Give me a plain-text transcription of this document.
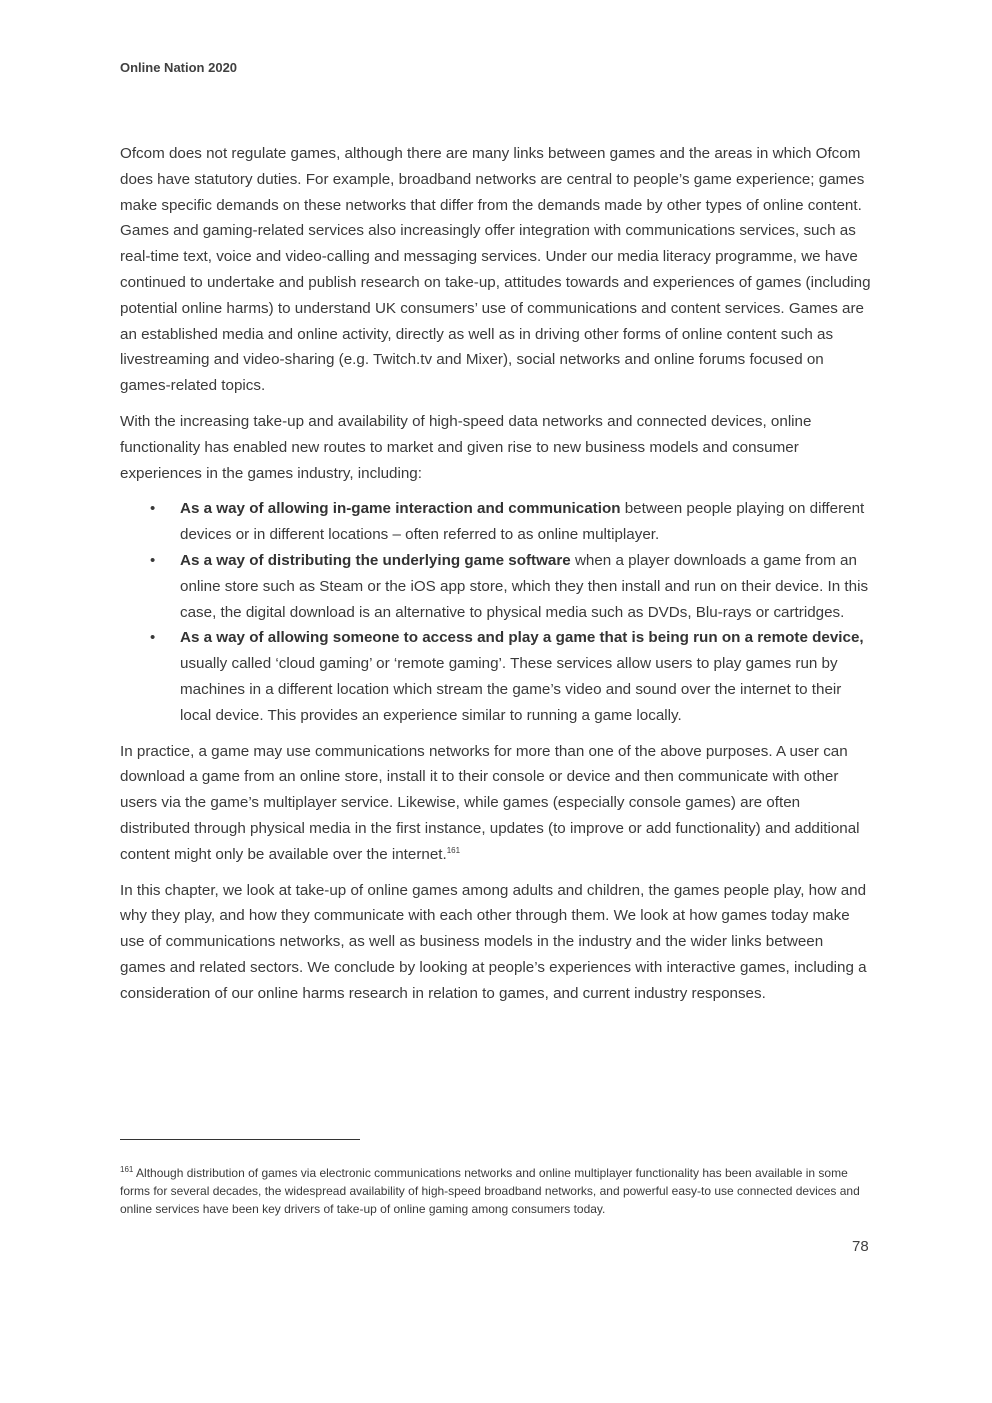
Online Nation 2020

Ofcom does not regulate games, although there are many links between games and the areas in which Ofcom does have statutory duties. For example, broadband networks are central to people’s game experience; games make specific demands on these networks that differ from the demands made by other types of online content. Games and gaming-related services also increasingly offer integration with communications services, such as real-time text, voice and video-calling and messaging services. Under our media literacy programme, we have continued to undertake and publish research on take-up, attitudes towards and experiences of games (including potential online harms) to understand UK consumers’ use of communications and content services. Games are an established media and online activity, directly as well as in driving other forms of online content such as livestreaming and video-sharing (e.g. Twitch.tv and Mixer), social networks and online forums focused on games-related topics.

With the increasing take-up and availability of high-speed data networks and connected devices, online functionality has enabled new routes to market and given rise to new business models and consumer experiences in the games industry, including:

• As a way of allowing in-game interaction and communication between people playing on different devices or in different locations – often referred to as online multiplayer.
• As a way of distributing the underlying game software when a player downloads a game from an online store such as Steam or the iOS app store, which they then install and run on their device. In this case, the digital download is an alternative to physical media such as DVDs, Blu-rays or cartridges.
• As a way of allowing someone to access and play a game that is being run on a remote device, usually called ‘cloud gaming’ or ‘remote gaming’. These services allow users to play games run by machines in a different location which stream the game’s video and sound over the internet to their local device. This provides an experience similar to running a game locally.

In practice, a game may use communications networks for more than one of the above purposes. A user can download a game from an online store, install it to their console or device and then communicate with other users via the game’s multiplayer service. Likewise, while games (especially console games) are often distributed through physical media in the first instance, updates (to improve or add functionality) and additional content might only be available over the internet.$^{161}$

In this chapter, we look at take-up of online games among adults and children, the games people play, how and why they play, and how they communicate with each other through them. We look at how games today make use of communications networks, as well as business models in the industry and the wider links between games and related sectors. We conclude by looking at people’s experiences with interactive games, including a consideration of our online harms research in relation to games, and current industry responses.

$^{161}$ Although distribution of games via electronic communications networks and online multiplayer functionality has been available in some forms for several decades, the widespread availability of high-speed broadband networks, and powerful easy-to use connected devices and online services have been key drivers of take-up of online gaming among consumers today.
78
